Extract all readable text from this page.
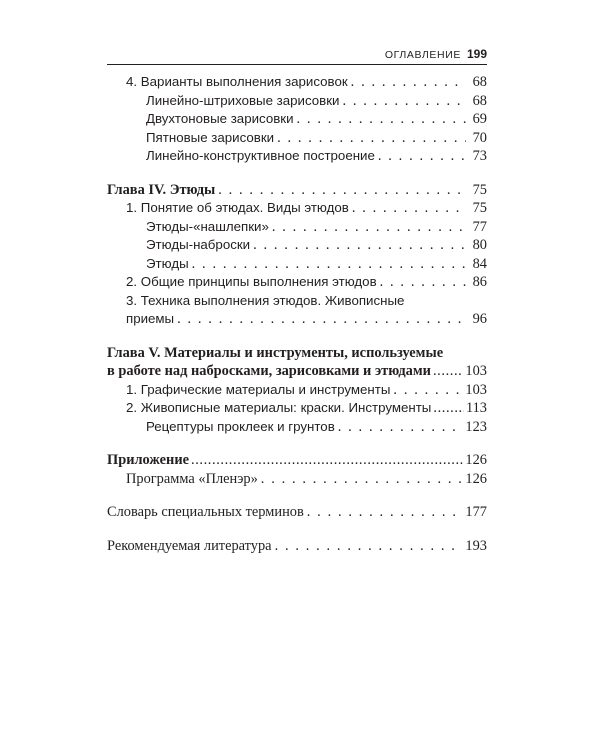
ОГЛАВЛЕНИЕ 199
4. Варианты выполнения зарисовок . . .	68
Линейно-штриховые зарисовки . . .	68
Двухтоновые зарисовки . . .	69
Пятновые зарисовки . . .	70
Линейно-конструктивное построение . . .	73
Глава IV. Этюды . . .	75
1. Понятие об этюдах. Виды этюдов . . .	75
Этюды-«нашлепки» . . .	77
Этюды-наброски . . .	80
Этюды . . .	84
2. Общие принципы выполнения этюдов . . .	86
3. Техника выполнения этюдов. Живописные
приемы . . .	96
Глава V. Материалы и инструменты, используемые
в работе над набросками, зарисовками и этюдами ..... 103
1. Графические материалы и инструменты . . .	103
2. Живописные материалы: краски. Инструменты ..... 113
Рецептуры проклеек и грунтов . . .	123
Приложение .....	126
Программа «Пленэр» . . .	126
Словарь специальных терминов . . .	177
Рекомендуемая литература . . .	193
